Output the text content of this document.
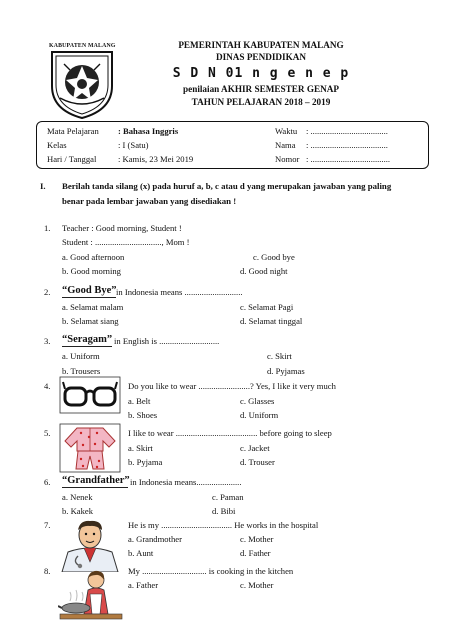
KABUPATEN MALANG	PEMERINTAH KABUPATEN MALANG
DINAS PENDIDIKAN
S D N 01 n g e n e p
penilaian AKHIR SEMESTER GENAP
TAHUN PELAJARAN 2018 – 2019
Mata Pelajaran : Bahasa Inggris
Kelas	: I (Satu)
Hari / Tanggal	: Kamis, 23 Mei 2019
Waktu : ....................................
Nama : ....................................
Nomor : .....................................
I. Berilah tanda silang (x) pada huruf a, b, c atau d yang merupakan jawaban yang paling
benar pada lembar jawaban yang disediakan !
1. Teacher : Good morning, Student !
Student : ..............................., Mom !
a. Good afternoon	c. Good bye
b. Good morning	d. Good night
2. “Good Bye” in Indonesia means ...........................
a. Selamat malam	c. Selamat Pagi
b. Selamat siang	d. Selamat tinggal
3. “Seragam” in English is ............................
a. Uniform	c. Skirt
b. Trousers	d. Pyjamas
4.	Do you like to wear ........................? Yes, I like it very much
a. Belt	c. Glasses
b. Shoes	d. Uniform
5.	I like to wear ...................................... before going to sleep
a. Skirt	c. Jacket
b. Pyjama	d. Trouser
6. “Grandfather” in Indonesia means.....................
a. Nenek	c. Paman
b. Kakek	d. Bibi
7.	He is my ................................. He works in the hospital
a. Grandmother	c. Mother
b. Aunt	d. Father
8.	My .............................. is cooking in the kitchen
a. Father	c. Mother
